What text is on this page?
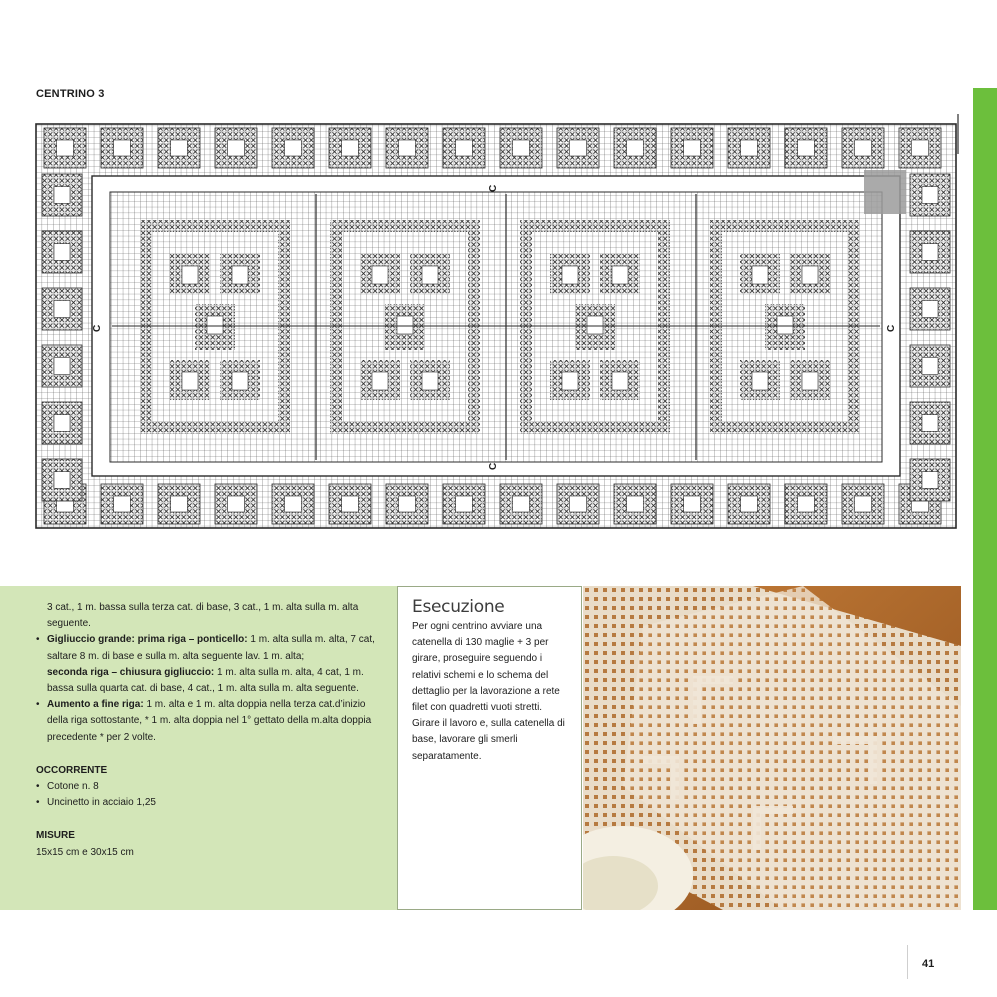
CENTRINO 3
C
C
C	C

3 cat., 1 m. bassa sulla terza cat. di base, 3 cat., 1 m. alta sulla m. alta seguente.

• Gigliuccio grande: prima riga – ponticello: 1 m. alta sulla m. alta, 7 cat, saltare 8 m. di base e sulla m. alta seguente lav. 1 m. alta;

seconda riga – chiusura gigliuccio: 1 m. alta sulla m. alta, 4 cat, 1 m. bassa sulla quarta cat. di base, 4 cat., 1 m. alta sulla m. alta seguente.

• Aumento a fine riga: 1 m. alta e 1 m. alta doppia nella terza cat.d’inizio della riga sottostante, * 1 m. alta doppia nel 1° gettato della m.alta doppia precedente * per 2 volte.

OCCORRENTE

• Cotone n. 8

• Uncinetto in acciaio 1,25

MISURE

15x15 cm e 30x15 cm

Esecuzione
Per ogni centrino avviare una catenella di 130 maglie + 3 per girare, proseguire seguendo i relativi schemi e lo schema del dettaglio per la lavorazione a rete filet con quadretti vuoti stretti. Girare il lavoro e, sulla catenella di base, lavorare gli smerli separatamente.
41
